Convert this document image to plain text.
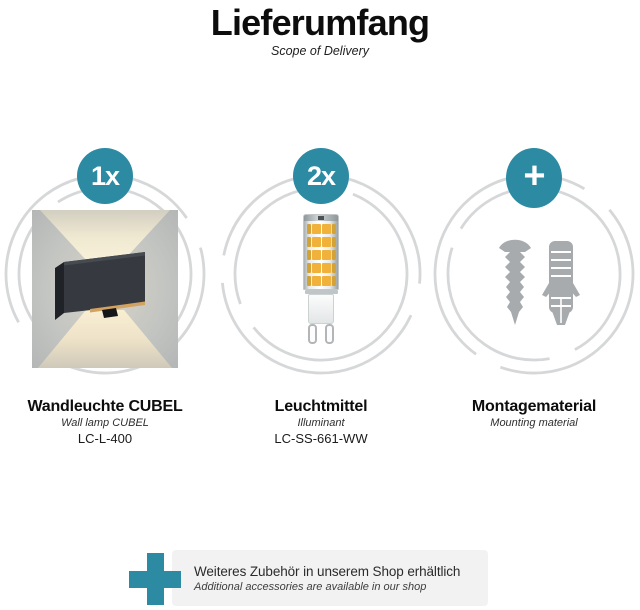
Lieferumfang
Scope of Delivery
1x
Wandleuchte CUBEL
Wall lamp CUBEL
LC-L-400
2x
Leuchtmittel
Illuminant
LC-SS-661-WW
+
Montagematerial
Mounting material
Weiteres Zubehör in unserem Shop erhältlich
Additional accessories are available in our shop
